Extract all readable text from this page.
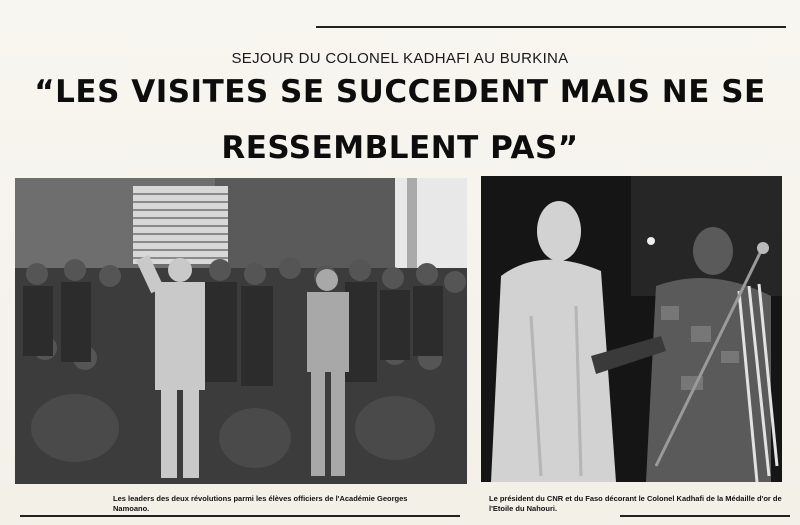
SEJOUR DU COLONEL KADHAFI AU BURKINA
“LES VISITES SE SUCCEDENT MAIS NE SE
RESSEMBLENT PAS”
Les leaders des deux révolutions parmi les élèves officiers de l'Académie Georges Namoano.
Le président du CNR et du Faso décorant le Colonel Kadhafi de la Médaille d'or de l'Etoile du Nahouri.
